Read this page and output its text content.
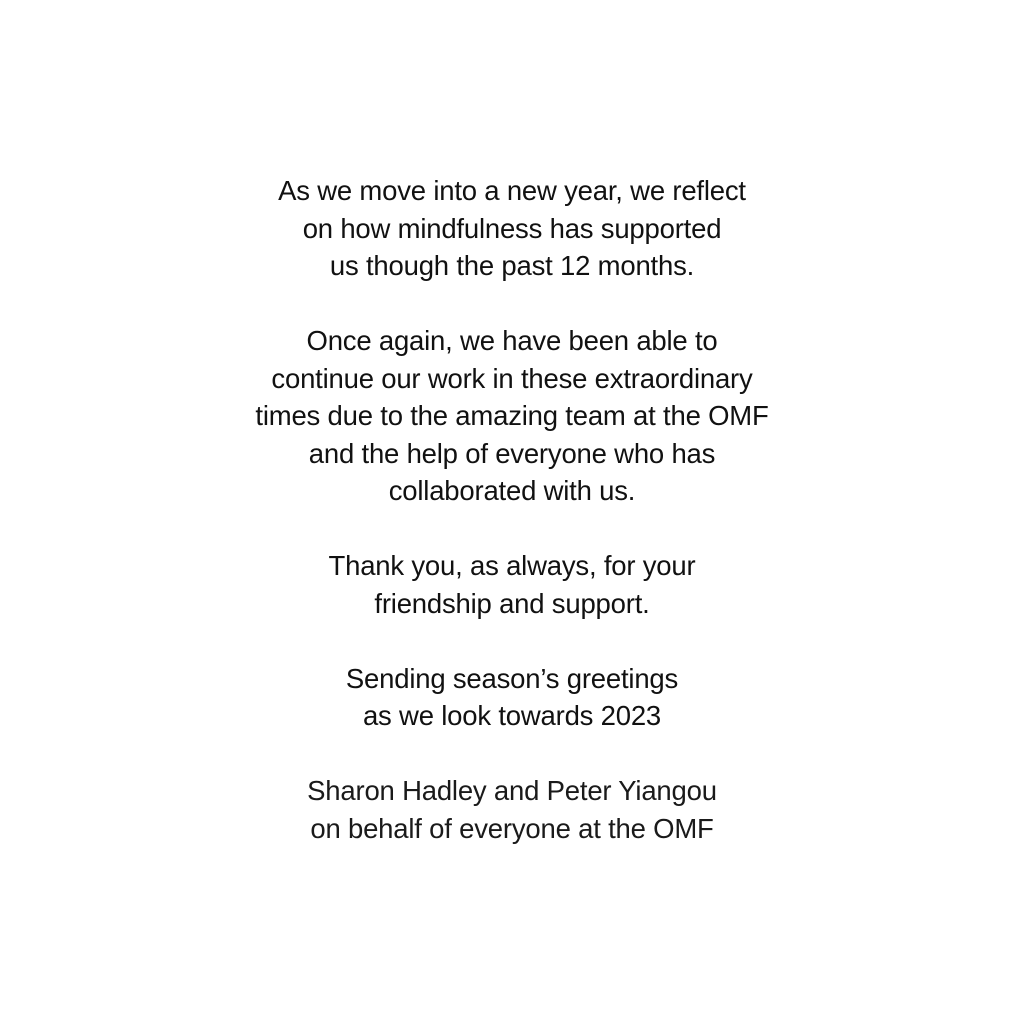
As we move into a new year, we reflect
on how mindfulness has supported
us though the past 12 months.

Once again, we have been able to
continue our work in these extraordinary
times due to the amazing team at the OMF
and the help of everyone who has
collaborated with us.

Thank you, as always, for your
friendship and support.

Sending season’s greetings
as we look towards 2023

Sharon Hadley and Peter Yiangou
on behalf of everyone at the OMF
